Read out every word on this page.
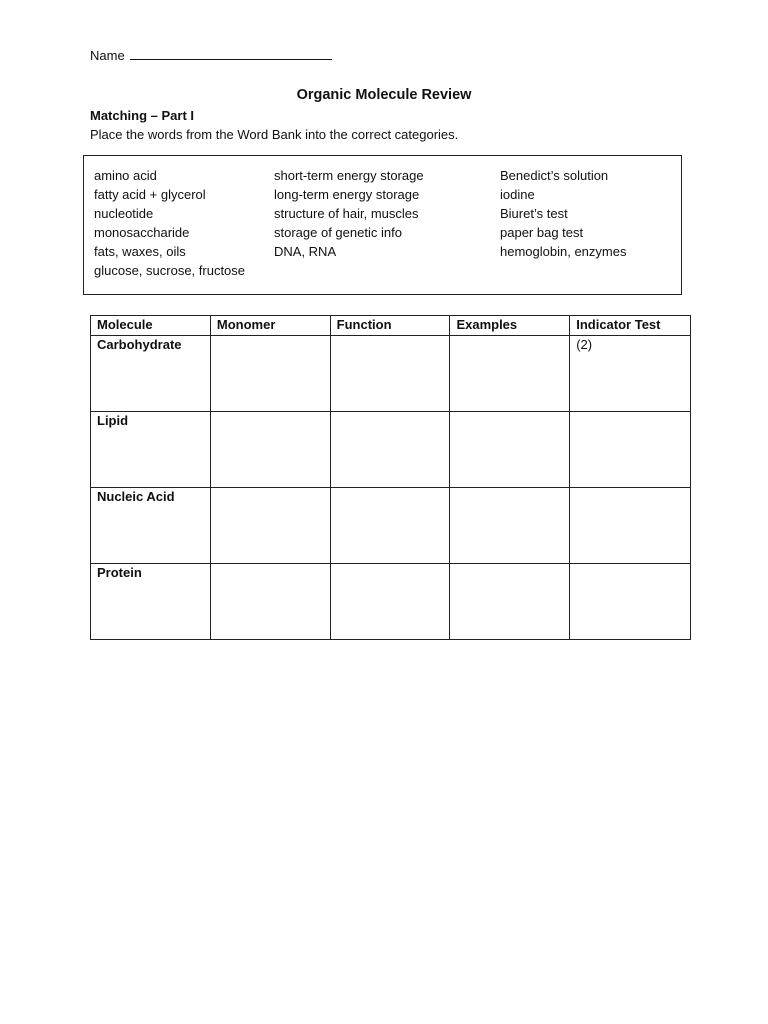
Name
Organic Molecule Review
Matching – Part I
Place the words from the Word Bank into the correct categories.
amino acid
fatty acid + glycerol
nucleotide
monosaccharide
fats, waxes, oils
glucose, sucrose, fructose
short-term energy storage
long-term energy storage
structure of hair, muscles
storage of genetic info
DNA, RNA
Benedict’s solution
iodine
Biuret’s test
paper bag test
hemoglobin, enzymes
Molecule	Monomer	Function	Examples	Indicator Test
Carbohydrate				(2)
Lipid				
Nucleic Acid				
Protein				
